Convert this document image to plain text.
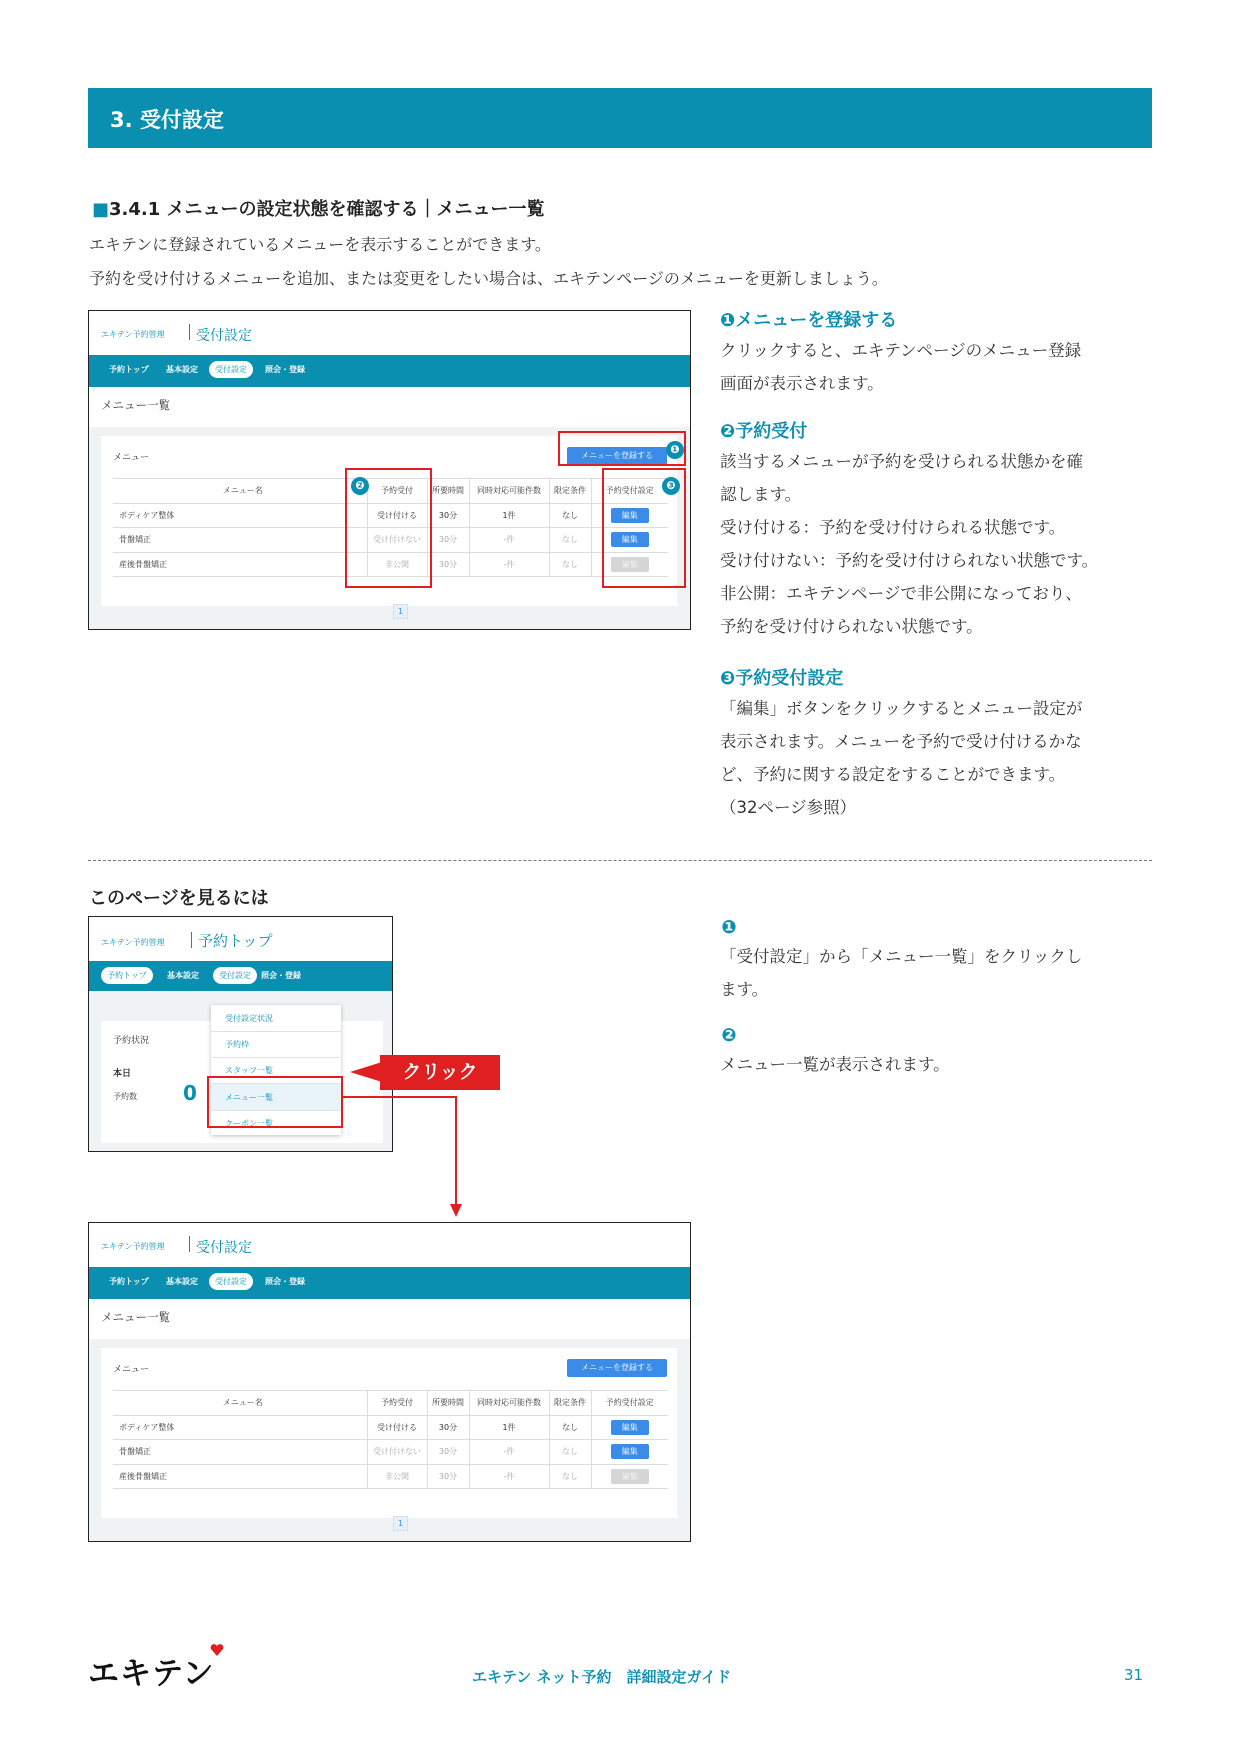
3. 受付設定
■3.4.1 メニューの設定状態を確認する｜メニュー一覧
エキテンに登録されているメニューを表示することができます。
予約を受け付けるメニューを追加、または変更をしたい場合は、エキテンページのメニューを更新しましょう。
エキテン予約管理 受付設定
予約トップ 基本設定	受付設定	照会・登録
メニュー一覧
メニュー	メニューを登録する
メニュー名	予約受付	所要時間	同時対応可能件数	限定条件	予約受付設定
ボディケア整体	受け付ける	30分	1件	なし	編集
骨盤矯正	受け付けない	30分	-件	なし	編集
産後骨盤矯正	非公開	30分	-件	なし	編集
1
❶
❷	❸
❶メニューを登録する
クリックすると、エキテンページのメニュー登録
画面が表示されます。
❷予約受付
該当するメニューが予約を受けられる状態かを確
認します。
受け付ける：予約を受け付けられる状態です。
受け付けない：予約を受け付けられない状態です。
非公開：エキテンページで非公開になっており、
予約を受け付けられない状態です。
❸予約受付設定
「編集」ボタンをクリックするとメニュー設定が
表示されます。メニューを予約で受け付けるかな
ど、予約に関する設定をすることができます。
（32ページ参照）
このページを見るには
エキテン予約管理 予約トップ
予約トップ	基本設定	受付設定	照会・登録
予約状況
本日
予約数 0
受付設定状況
予約枠
スタッフ一覧
メニュー一覧
クーポン一覧
クリック
エキテン予約管理 受付設定
予約トップ 基本設定	受付設定	照会・登録
メニュー一覧
メニュー	メニューを登録する
メニュー名	予約受付	所要時間	同時対応可能件数	限定条件	予約受付設定
ボディケア整体	受け付ける	30分	1件	なし	編集
骨盤矯正	受け付けない	30分	-件	なし	編集
産後骨盤矯正	非公開	30分	-件	なし	編集
1
❶
「受付設定」から「メニュー一覧」をクリックし
ます。
❷
メニュー一覧が表示されます。
エキテン	エキテン ネット予約　詳細設定ガイド	31
